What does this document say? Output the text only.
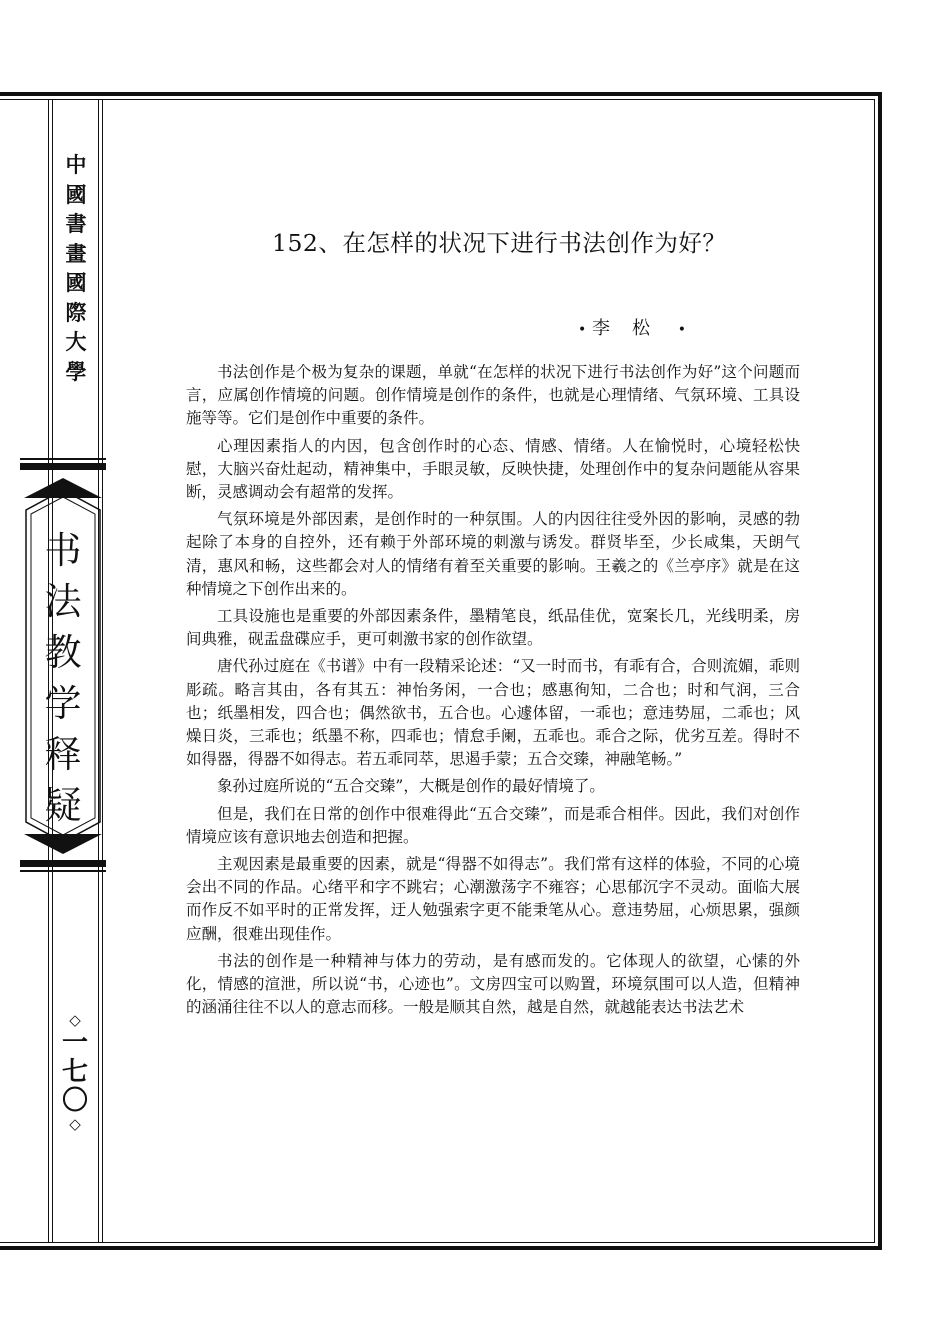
中
國
書
畫
國
際
大
學
书
法
教
学
释
疑
◇
一
七
〇
◇
152、在怎样的状况下进行书法创作为好？
• 李松 •

书法创作是个极为复杂的课题，单就“在怎样的状况下进行书法创作为好”这个问题而言，应属创作情境的问题。创作情境是创作的条件，也就是心理情绪、气氛环境、工具设施等等。它们是创作中重要的条件。

心理因素指人的内因，包含创作时的心态、情感、情绪。人在愉悦时，心境轻松快慰，大脑兴奋灶起动，精神集中，手眼灵敏，反映快捷，处理创作中的复杂问题能从容果断，灵感调动会有超常的发挥。

气氛环境是外部因素，是创作时的一种氛围。人的内因往往受外因的影响，灵感的勃起除了本身的自控外，还有赖于外部环境的刺激与诱发。群贤毕至，少长咸集，天朗气清，惠风和畅，这些都会对人的情绪有着至关重要的影响。王羲之的《兰亭序》就是在这种情境之下创作出来的。

工具设施也是重要的外部因素条件，墨精笔良，纸品佳优，宽案长几，光线明柔，房间典雅，砚盂盘碟应手，更可刺激书家的创作欲望。

唐代孙过庭在《书谱》中有一段精采论述：“又一时而书，有乖有合，合则流媚，乖则彫疏。略言其由，各有其五：神怡务闲，一合也；感惠徇知，二合也；时和气润，三合也；纸墨相发，四合也；偶然欲书，五合也。心遽体留，一乖也；意违势屈，二乖也；风燥日炎，三乖也；纸墨不称，四乖也；情怠手阑，五乖也。乖合之际，优劣互差。得时不如得器，得器不如得志。若五乖同萃，思遏手蒙；五合交臻，神融笔畅。”

象孙过庭所说的“五合交臻”，大概是创作的最好情境了。

但是，我们在日常的创作中很难得此“五合交臻”，而是乖合相伴。因此，我们对创作情境应该有意识地去创造和把握。

主观因素是最重要的因素，就是“得器不如得志”。我们常有这样的体验，不同的心境会出不同的作品。心绪平和字不跳宕；心潮激荡字不雍容；心思郁沉字不灵动。面临大展而作反不如平时的正常发挥，迂人勉强索字更不能秉笔从心。意违势屈，心烦思累，强颜应酬，很难出现佳作。

书法的创作是一种精神与体力的劳动，是有感而发的。它体现人的欲望，心愫的外化，情感的渲泄，所以说“书，心迹也”。文房四宝可以购置，环境氛围可以人造，但精神的涵涌往往不以人的意志而移。一般是顺其自然，越是自然，就越能表达书法艺术
